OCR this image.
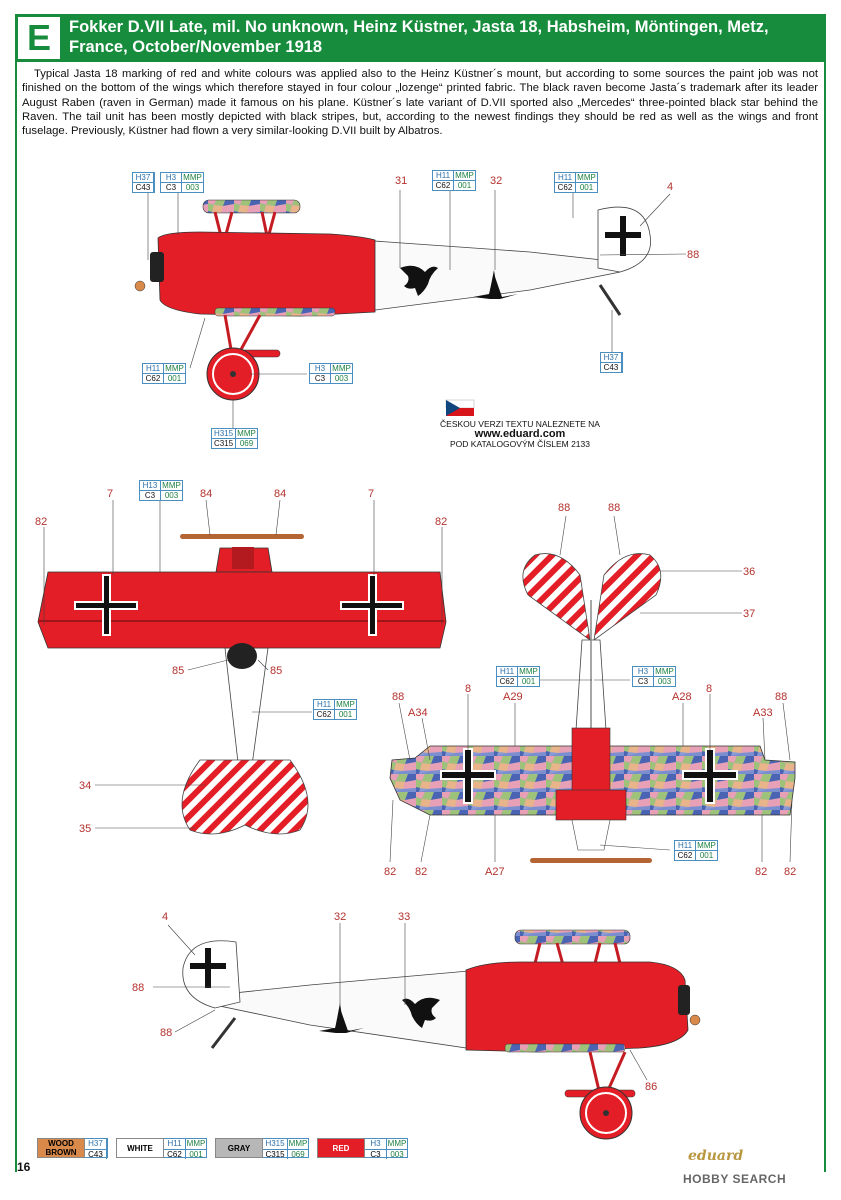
E	Fokker D.VII Late, mil. No unknown, Heinz Küstner, Jasta 18, Habsheim, Möntingen, Metz, France, October/November 1918
Typical Jasta 18 marking of red and white colours was applied also to the Heinz Küstner´s mount, but according to some sources the paint job was not finished on the bottom of the wings which therefore stayed in four colour „lozenge“ printed fabric. The black raven become Jasta´s trademark after its leader August Raben (raven in German) made it famous on his plane. Küstner´s late variant of D.VII sported also „Mercedes“ three-pointed black star behind the Raven. The tail unit has been mostly depicted with black stripes, but, according to the newest findings they should be red as well as the wings and front fuselage. Previously, Küstner had flown a very similar-looking D.VII built by Albatros.
31	32	4
88
7	84	84	7
82	82
85	85
34
35
88	88
36
37
88
A34
8
A29	A28
8
A33
88
82 82	A27	82 82
4	32	33
88
88
86
H37
C43
H3 MMP
C3	003
H11 MMP
C62 001
H11 MMP
C62 001
H11 MMP
C62 001
H3 MMP
C3	003
H37
C43
H315 MMP
C315 069
H13 MMP
C3	003
H11 MMP
C62 001
H11 MMP
C62 001
H3 MMP
C3	003
H11 MMP
C62 001
ČESKOU VERZI TEXTU NALEZNETE NA
www.eduard.com
POD KATALOGOVÝM ČÍSLEM 2133
WOOD BROWN
H37
C43
WHITE	H11 MMP
C62 001
GRAY	H315 MMP
C315 069
RED	H3 MMP
C3	003
16
eduard
HOBBY SEARCH
